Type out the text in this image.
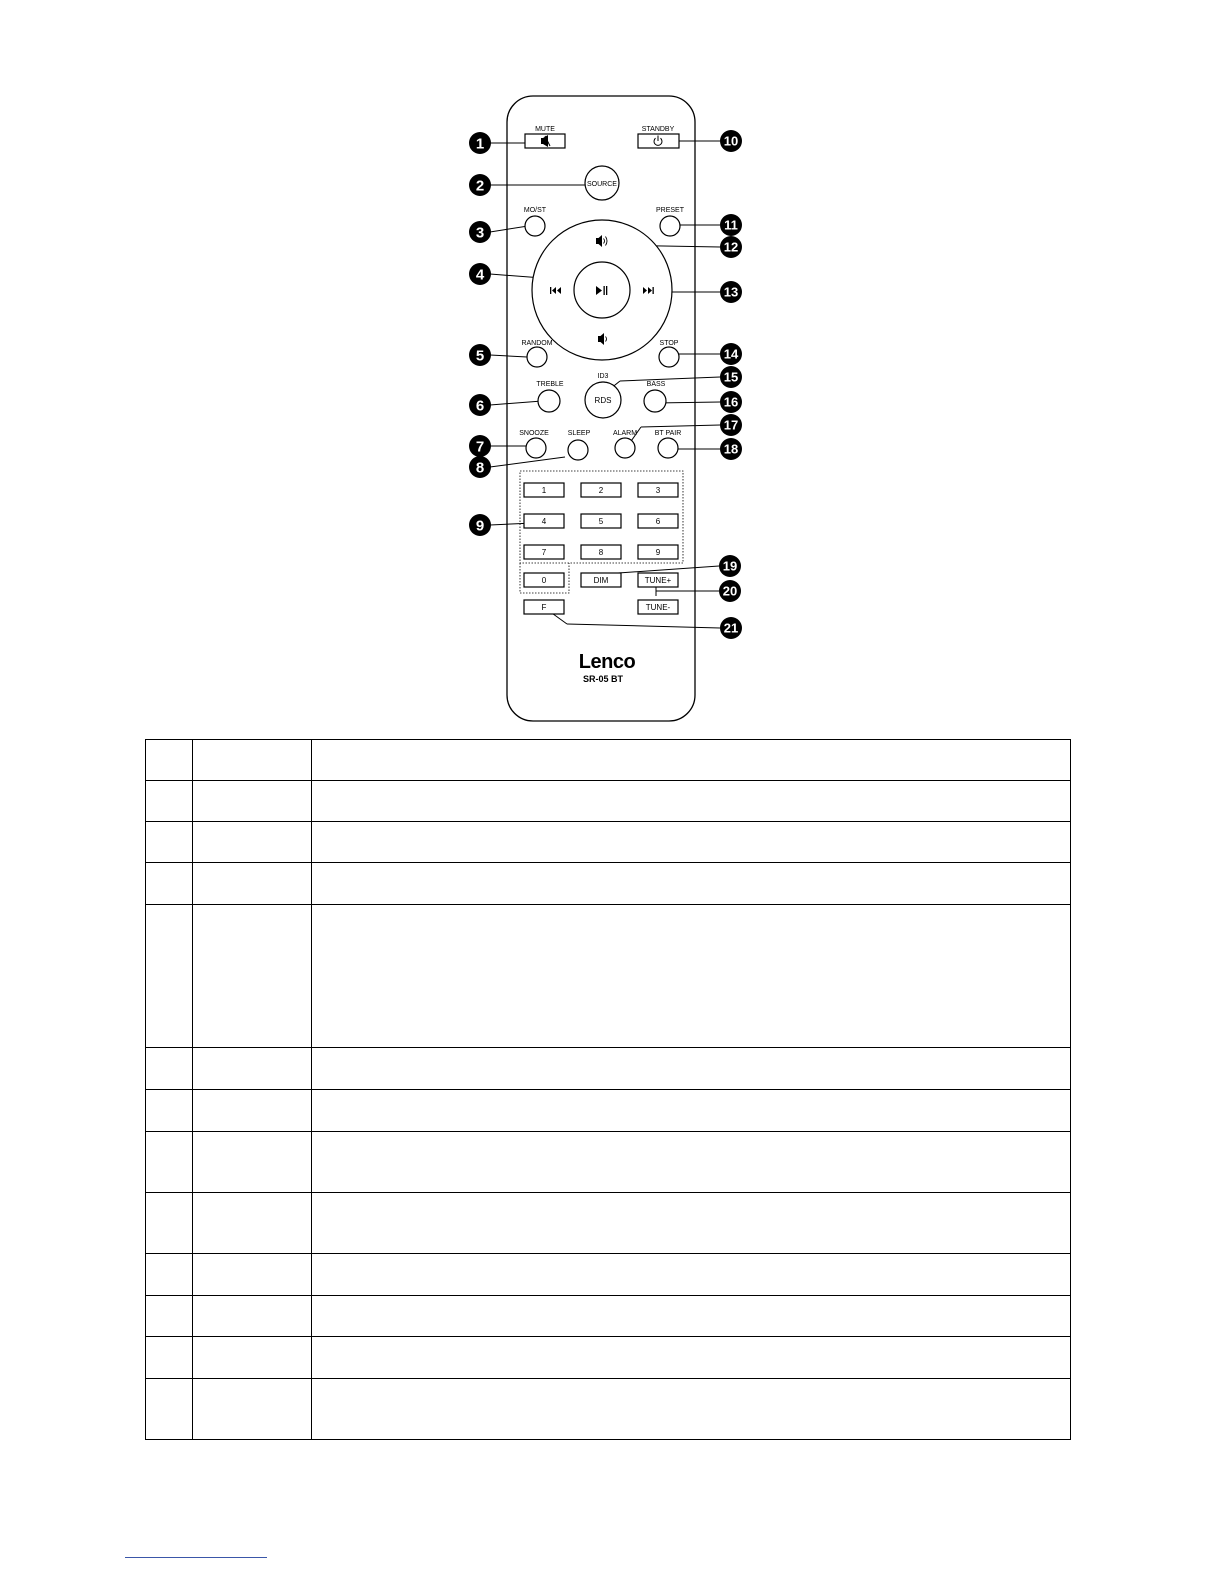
MUTE	STANDBY
SOURCE
MO/ST	PRESET
RANDOM	STOP
ID3
RDS
TREBLE	BASS
SNOOZE	SLEEP	ALARM	BT PAIR
1	2	3
4	5	6
7	8	9
0	DIM	TUNE+
TUNE-
F
Lenco
SR-05 BT
1
2
3
4
5
6
7
8
9
10
11
12
13
14
15
16
17
18
19
20
21
